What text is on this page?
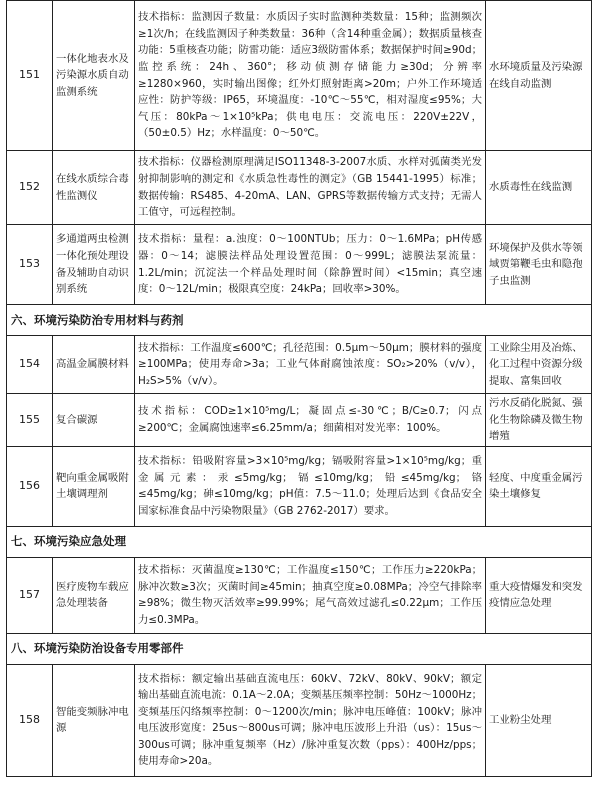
151	一体化地表水及污染源水质自动监测系统	技术指标：监测因子数量：水质因子实时监测种类数量：15种；监测频次≥1次/h；在线监测因子种类数量：36种（含14种重金属）；数据质量核查功能：5重核查功能；防雷功能：适应3级防雷体系；数据保护时间≥90d；监控系统：24h、360°；移动侦测存储能力≥30d；分辨率≥1280×960，实时输出图像；红外灯照射距离>20m；户外工作环境适应性：防护等级：IP65，环境温度：-10℃～55℃，相对湿度≤95%；大气压：80kPa～1×10⁵kPa；供电电压：交流电压：220V±22V，（50±0.5）Hz；水样温度：0～50℃。	水环境质量及污染源在线自动监测
152	在线水质综合毒性监测仪	技术指标：仪器检测原理满足ISO11348-3-2007水质、水样对弧菌类光发射抑制影响的测定和《水质急性毒性的测定》（GB 15441-1995）标准；数据传输：RS485、4-20mA、LAN、GPRS等数据传输方式支持；无需人工值守，可远程控制。	水质毒性在线监测
153	多通道两虫检测一体化预处理设备及辅助自动识别系统	技术指标：量程：a.浊度：0～100NTUb；压力：0～1.6MPa；pH传感器：0～14；滤膜法样品处理设置范围：0～999L；滤膜法泵流量：1.2L/min；沉淀法一个样品处理时间（除静置时间）<15min；真空速度：0～12L/min；极限真空度：24kPa；回收率>30%。	环境保护及供水等领域贾第鞭毛虫和隐孢子虫监测
六、环境污染防治专用材料与药剂			
154	高温金属膜材料	技术指标：工作温度≤600℃；孔径范围：0.5μm～50μm；膜材料的强度≥100MPa；使用寿命>3a；工业气体耐腐蚀浓度：SO₂>20%（v/v），H₂S>5%（v/v）。	工业除尘用及冶炼、化工过程中资源分级提取、富集回收
155	复合碳源	技术指标：COD≥1×10⁵mg/L；凝固点≤-30℃；B/C≥0.7；闪点≥200℃；金属腐蚀速率≤6.25mm/a；细菌相对发光率：100%。	污水反硝化脱氮、强化生物除磷及微生物增殖
156	靶向重金属吸附土壤调理剂	技术指标：铅吸附容量>3×10⁵mg/kg；镉吸附容量>1×10⁵mg/kg；重金属元素：汞≤5mg/kg；镉≤10mg/kg；铅≤45mg/kg；铬≤45mg/kg；砷≤10mg/kg；pH值：7.5～11.0；处理后达到《食品安全国家标准食品中污染物限量》（GB 2762-2017）要求。	轻度、中度重金属污染土壤修复
七、环境污染应急处理			
157	医疗废物车载应急处理装备	技术指标：灭菌温度≥130℃；工作温度≤150℃；工作压力≥220kPa；脉冲次数≥3次；灭菌时间≥45min；抽真空度≥0.08MPa；冷空气排除率≥98%；微生物灭活效率≥99.99%；尾气高效过滤孔≤0.22μm；工作压力≤0.3MPa。	重大疫情爆发和突发疫情应急处理
八、环境污染防治设备专用零部件			
158	智能变频脉冲电源	技术指标：额定输出基础直流电压：60kV、72kV、80kV、90kV；额定输出基础直流电流：0.1A～2.0A；变频基压频率控制：50Hz～1000Hz；变频基压闪络频率控制：0～1200次/min；脉冲电压峰值：100kV；脉冲电压波形宽度：25us～800us可调；脉冲电压波形上升沿（us）：15us～300us可调；脉冲重复频率（Hz）/脉冲重复次数（pps）：400Hz/pps；使用寿命>20a。	工业粉尘处理
